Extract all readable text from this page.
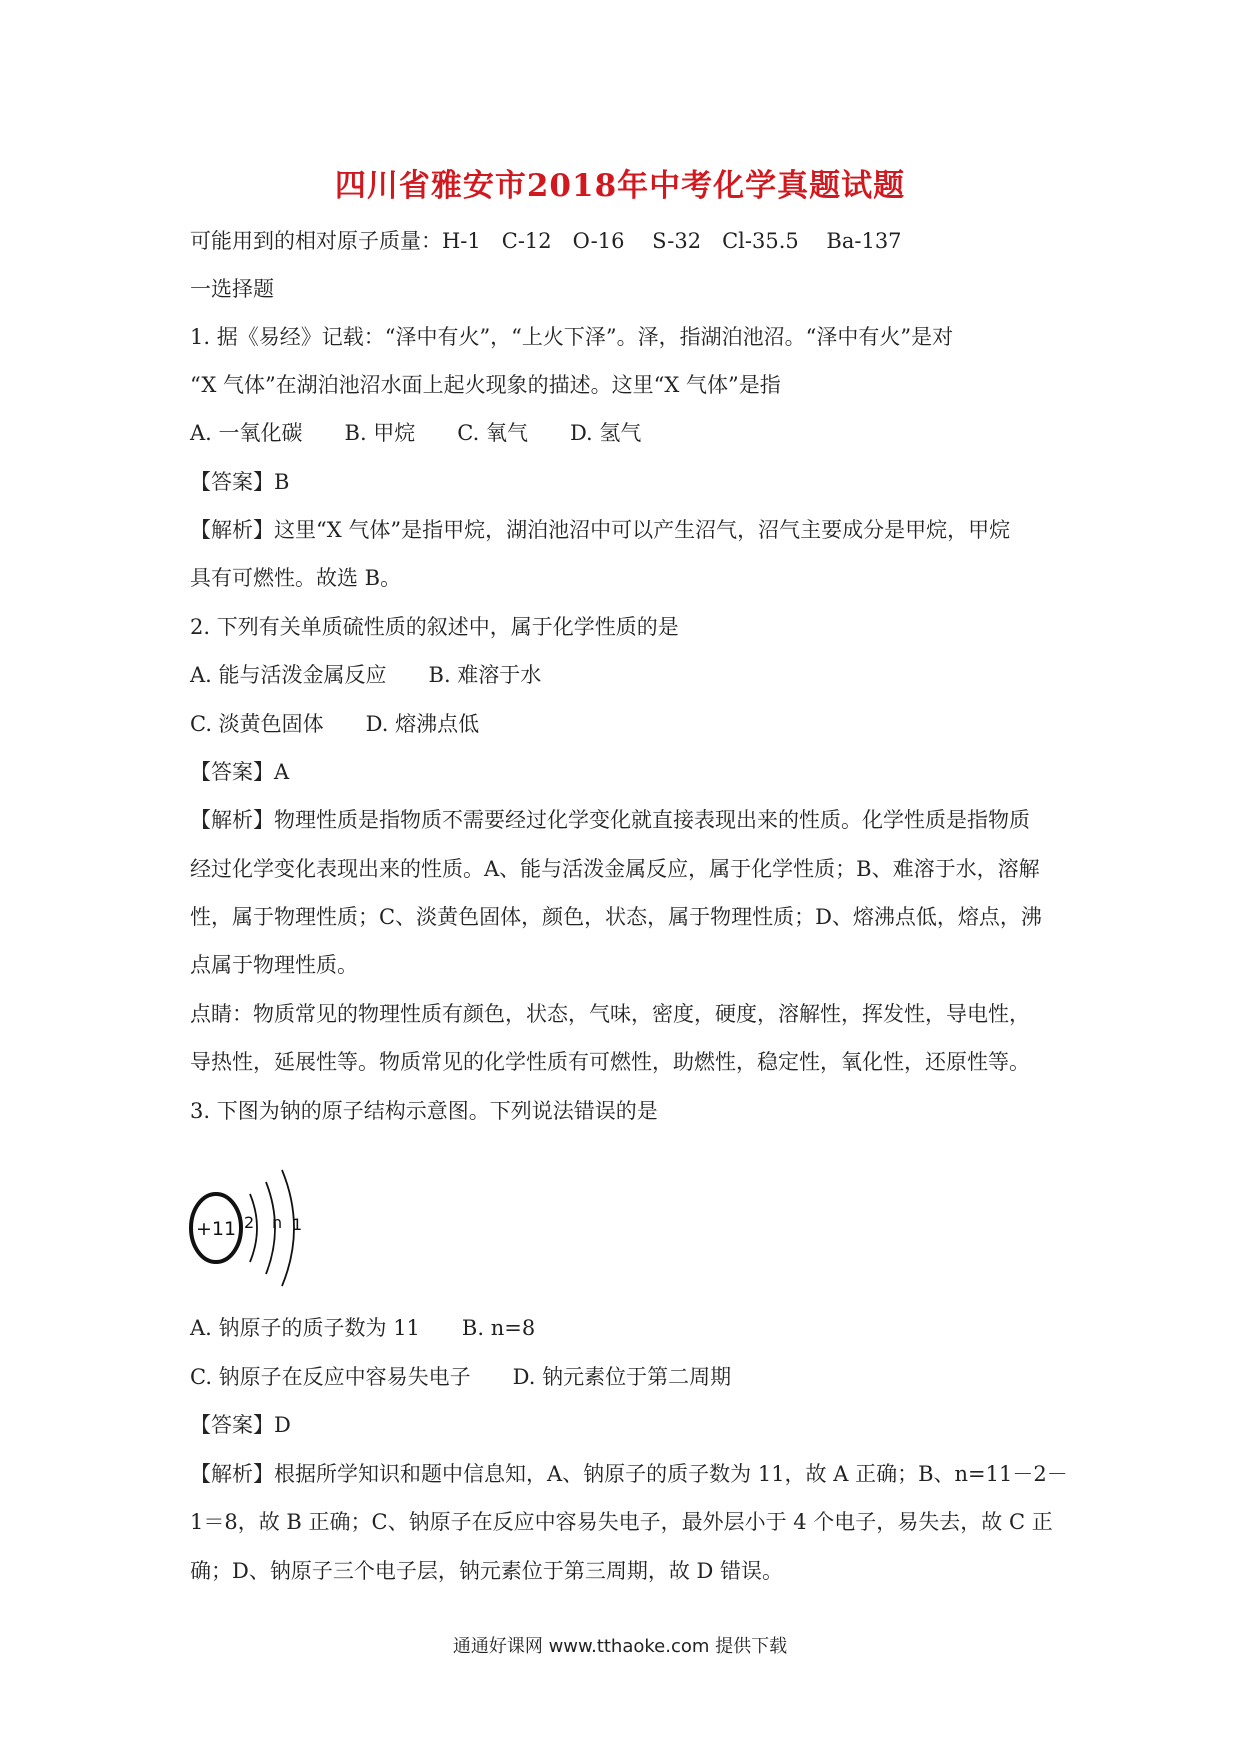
四川省雅安市2018年中考化学真题试题
可能用到的相对原子质量：H-1　C-12　O-16　 S-32　Cl-35.5　 Ba-137
一选择题
1. 据《易经》记载：“泽中有火”，“上火下泽”。泽，指湖泊池沼。“泽中有火”是对
“X 气体”在湖泊池沼水面上起火现象的描述。这里“X 气体”是指
A. 一氧化碳　　B. 甲烷　　C. 氧气　　D. 氢气
【答案】B
【解析】这里“X 气体”是指甲烷，湖泊池沼中可以产生沼气，沼气主要成分是甲烷，甲烷
具有可燃性。故选 B。
2. 下列有关单质硫性质的叙述中，属于化学性质的是
A. 能与活泼金属反应　　B. 难溶于水
C. 淡黄色固体　　D. 熔沸点低
【答案】A
【解析】物理性质是指物质不需要经过化学变化就直接表现出来的性质。化学性质是指物质
经过化学变化表现出来的性质。A、能与活泼金属反应，属于化学性质；B、难溶于水，溶解
性，属于物理性质；C、淡黄色固体，颜色，状态，属于物理性质；D、熔沸点低，熔点，沸
点属于物理性质。
点睛：物质常见的物理性质有颜色，状态，气味，密度，硬度，溶解性，挥发性，导电性，
导热性，延展性等。物质常见的化学性质有可燃性，助燃性，稳定性，氧化性，还原性等。
3. 下图为钠的原子结构示意图。下列说法错误的是
+11 2 n 1
A. 钠原子的质子数为 11　　B. n=8
C. 钠原子在反应中容易失电子　　D. 钠元素位于第二周期
【答案】D
【解析】根据所学知识和题中信息知，A、钠原子的质子数为 11，故 A 正确；B、n=11－2－
1＝8，故 B 正确；C、钠原子在反应中容易失电子，最外层小于 4 个电子，易失去，故 C 正
确；D、钠原子三个电子层，钠元素位于第三周期，故 D 错误。
通通好课网 www.tthaoke.com 提供下载
